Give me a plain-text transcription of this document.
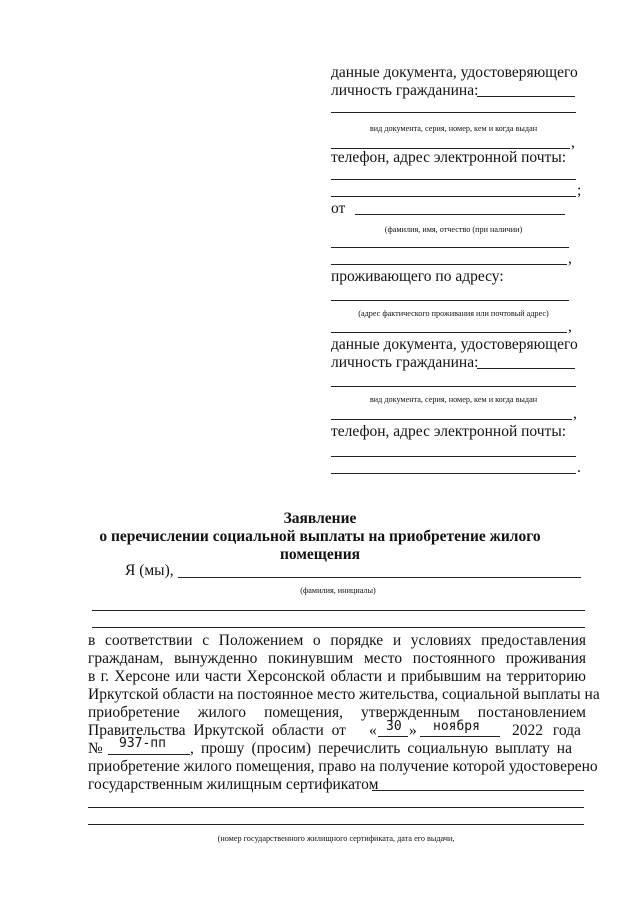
данные документа, удостоверяющего
личность гражданина:
вид документа, серия, номер, кем и когда выдан
,
телефон, адрес электронной почты:
;
от
(фамилия, имя, отчество (при наличии)
,
проживающего по адресу:
(адрес фактического проживания или почтовый адрес)
,
данные документа, удостоверяющего
личность гражданина:
вид документа, серия, номер, кем и когда выдан
,
телефон, адрес электронной почты:
.
Заявление
о перечислении социальной выплаты на приобретение жилого
помещения
Я (мы),
(фамилия, инициалы)
в соответствии с Положением о порядке и условиях предоставления
гражданам, вынужденно покинувшим место постоянного проживания
в г. Херсоне или части Херсонской области и прибывшим на территорию
Иркутской области на постоянное место жительства, социальной выплаты на
приобретение жилого помещения, утвержденным постановлением
Правительства Иркутской области от « 30 » ноября 2022 года
№ 937-пп , прошу (просим) перечислить социальную выплату на
приобретение жилого помещения, право на получение которой удостоверено
государственным жилищным сертификатом
(номер государственного жилищного сертификата, дата его выдачи,
